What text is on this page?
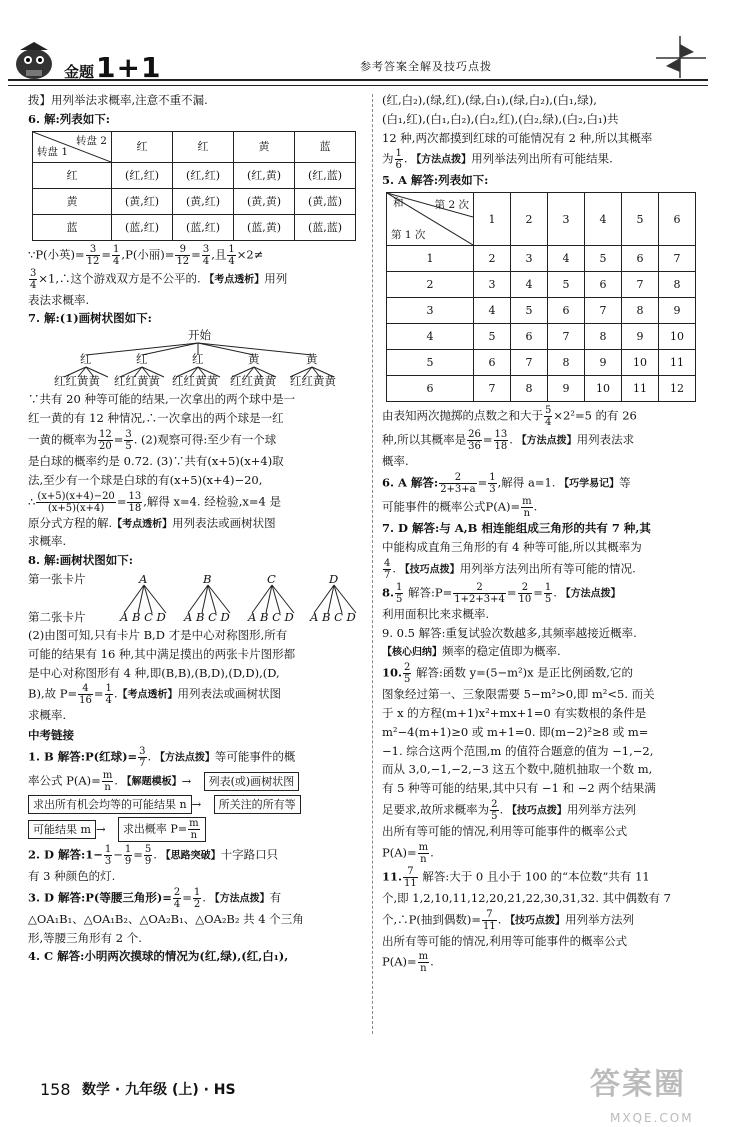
金题1+1	参考答案全解及技巧点拨

拨】用列举法求概率,注意不重不漏.

6. 解:列表如下:

转盘 2
转盘 1	红	红	黄	蓝
红	(红,红)	(红,红)	(红,黄)	(红,蓝)
黄	(黄,红)	(黄,红)	(黄,黄)	(黄,蓝)
蓝	(蓝,红)	(蓝,红)	(蓝,黄)	(蓝,蓝)

∵P(小英)= $\frac{3}{12} = \frac{1}{4} ,P$(小丽)= $\frac{9}{12} = \frac{3}{4}$ ,且 $\frac{1}{4} \times 2\ne$

$\frac{3}{4}$ ×1,∴这个游戏双方是不公平的. 【考点透析】用列

表法求概率.

7. 解:(1)画树状图如下:

开始
红	红	红	黄	黄
红红黄黄 红红黄黄 红红黄黄 红红黄黄 红红黄黄

∵共有 20 种等可能的结果,一次拿出的两个球中是一

红一黄的有 12 种情况,∴一次拿出的两个球是一红

一黄的概率为 $\frac{12}{20} = \frac{3}{5}$ . (2)观察可得:至少有一个球

是白球的概率约是 0.72. (3)∵共有(x+5)(x+4)取

法,至少有一个球是白球的有(x+5)(x+4)−20,

∴ $\frac{(x+5)(x+4)-20}{(x+5)(x+4)} = \frac{13}{18}$ ,解得 x=4. 经检验,x=4 是

原分式方程的解.【考点透析】用列表法或画树状图

求概率.

8. 解:画树状图如下:

第一张卡片	A	B	C	D
第二张卡片	A B C D A B C D A B C D A B C D

(2)由图可知,只有卡片 B,D 才是中心对称图形,所有

可能的结果有 16 种,其中满足摸出的两张卡片图形都

是中心对称图形有 4 种,即(B,B),(B,D),(D,D),(D,

B),故 $P= \frac{4}{16} = \frac{1}{4}$ .【考点透析】用列表法或画树状图

求概率.

中考链接

1. B 解答:P(红球)= $\frac{3}{7}$ . 【方法点拨】等可能事件的概

率公式 $P(A)= \frac{m}{n}$ . 【解题模板】→ 列表(或)画树状图

求出所有机会均等的可能结果 n → 所关注的所有等

可能结果 m → 求出概率 $P= \frac{m}{n}$

2. D 解答:1− $\frac{1}{3} - \frac{1}{9} = \frac{5}{9}$ . 【思路突破】十字路口只

有 3 种颜色的灯.

3. D 解答:P(等腰三角形)= $\frac{2}{4} = \frac{1}{2}$ . 【方法点拨】有

△OA₁B₁、△OA₁B₂、△OA₂B₁、△OA₂B₂ 共 4 个三角

形,等腰三角形有 2 个.

4. C 解答:小明两次摸球的情况为(红,绿),(红,白₁),

(红,白₂),(绿,红),(绿,白₁),(绿,白₂),(白₁,绿),

(白₁,红),(白₁,白₂),(白₂,红),(白₂,绿),(白₂,白₁)共

12 种,两次都摸到红球的可能情况有 2 种,所以其概率

为 $\frac{1}{6}$ . 【方法点拨】用列举法列出所有可能结果.

5. A 解答:列表如下:

第 2 次
和
第 1 次	1	2	3	4	5	6
1	2	3	4	5	6	7
2	3	4	5	6	7	8
3	4	5	6	7	8	9
4	5	6	7	8	9	10
5	6	7	8	9	10	11
6	7	8	9	10	11	12

由表知两次抛掷的点数之和大于 $\frac{5}{4} \times 2^2=5$ 的有 26

种,所以其概率是 $\frac{26}{36} = \frac{13}{18}$ . 【方法点拨】用列表法求

概率.

6. A 解答: $\frac{2}{2+3+a} = \frac{1}{3}$ ,解得 a=1. 【巧学易记】等

可能事件的概率公式$P(A)= \frac{m}{n}$ .

7. D 解答:与 A,B 相连能组成三角形的共有 7 种,其

中能构成直角三角形的有 4 种等可能,所以其概率为

$\frac{4}{7}$ . 【技巧点拨】用列举方法列出所有等可能的情况.

8. $\frac{1}{5}$ 解答:P= $\frac{2}{1+2+3+4} = \frac{2}{10} = \frac{1}{5}$ . 【方法点拨】

利用面积比来求概率.

9. 0.5 解答:重复试验次数越多,其频率越接近概率.

【核心归纳】频率的稳定值即为概率.

10. $\frac{2}{5}$ 解答:函数 y=(5−m²)x 是正比例函数,它的

图象经过第一、三象限需要 5−m²>0,即 m²<5. 而关

于 x 的方程(m+1)x²+mx+1=0 有实数根的条件是

m²−4(m+1)≥0 或 m+1=0. 即(m−2)²≥8 或 m=

−1. 综合这两个范围,m 的值符合题意的值为 −1,−2,

而从 3,0,−1,−2,−3 这五个数中,随机抽取一个数 m,

有 5 种等可能的结果,其中只有 −1 和 −2 两个结果满

足要求,故所求概率为 $\frac{2}{5}$ . 【技巧点拨】用列举方法列

出所有等可能的情况,利用等可能事件的概率公式

$P(A)= \frac{m}{n}$ .

11. $\frac{7}{11}$ 解答:大于 0 且小于 100 的“本位数”共有 11

个,即 1,2,10,11,12,20,21,22,30,31,32. 其中偶数有 7

个,∴P(抽到偶数)= $\frac{7}{11}$ . 【技巧点拨】用列举方法列

出所有等可能的情况,利用等可能事件的概率公式

$P(A)= \frac{m}{n}$ .

158 数学 · 九年级 (上) · HS	答案圈
MXQE.COM
